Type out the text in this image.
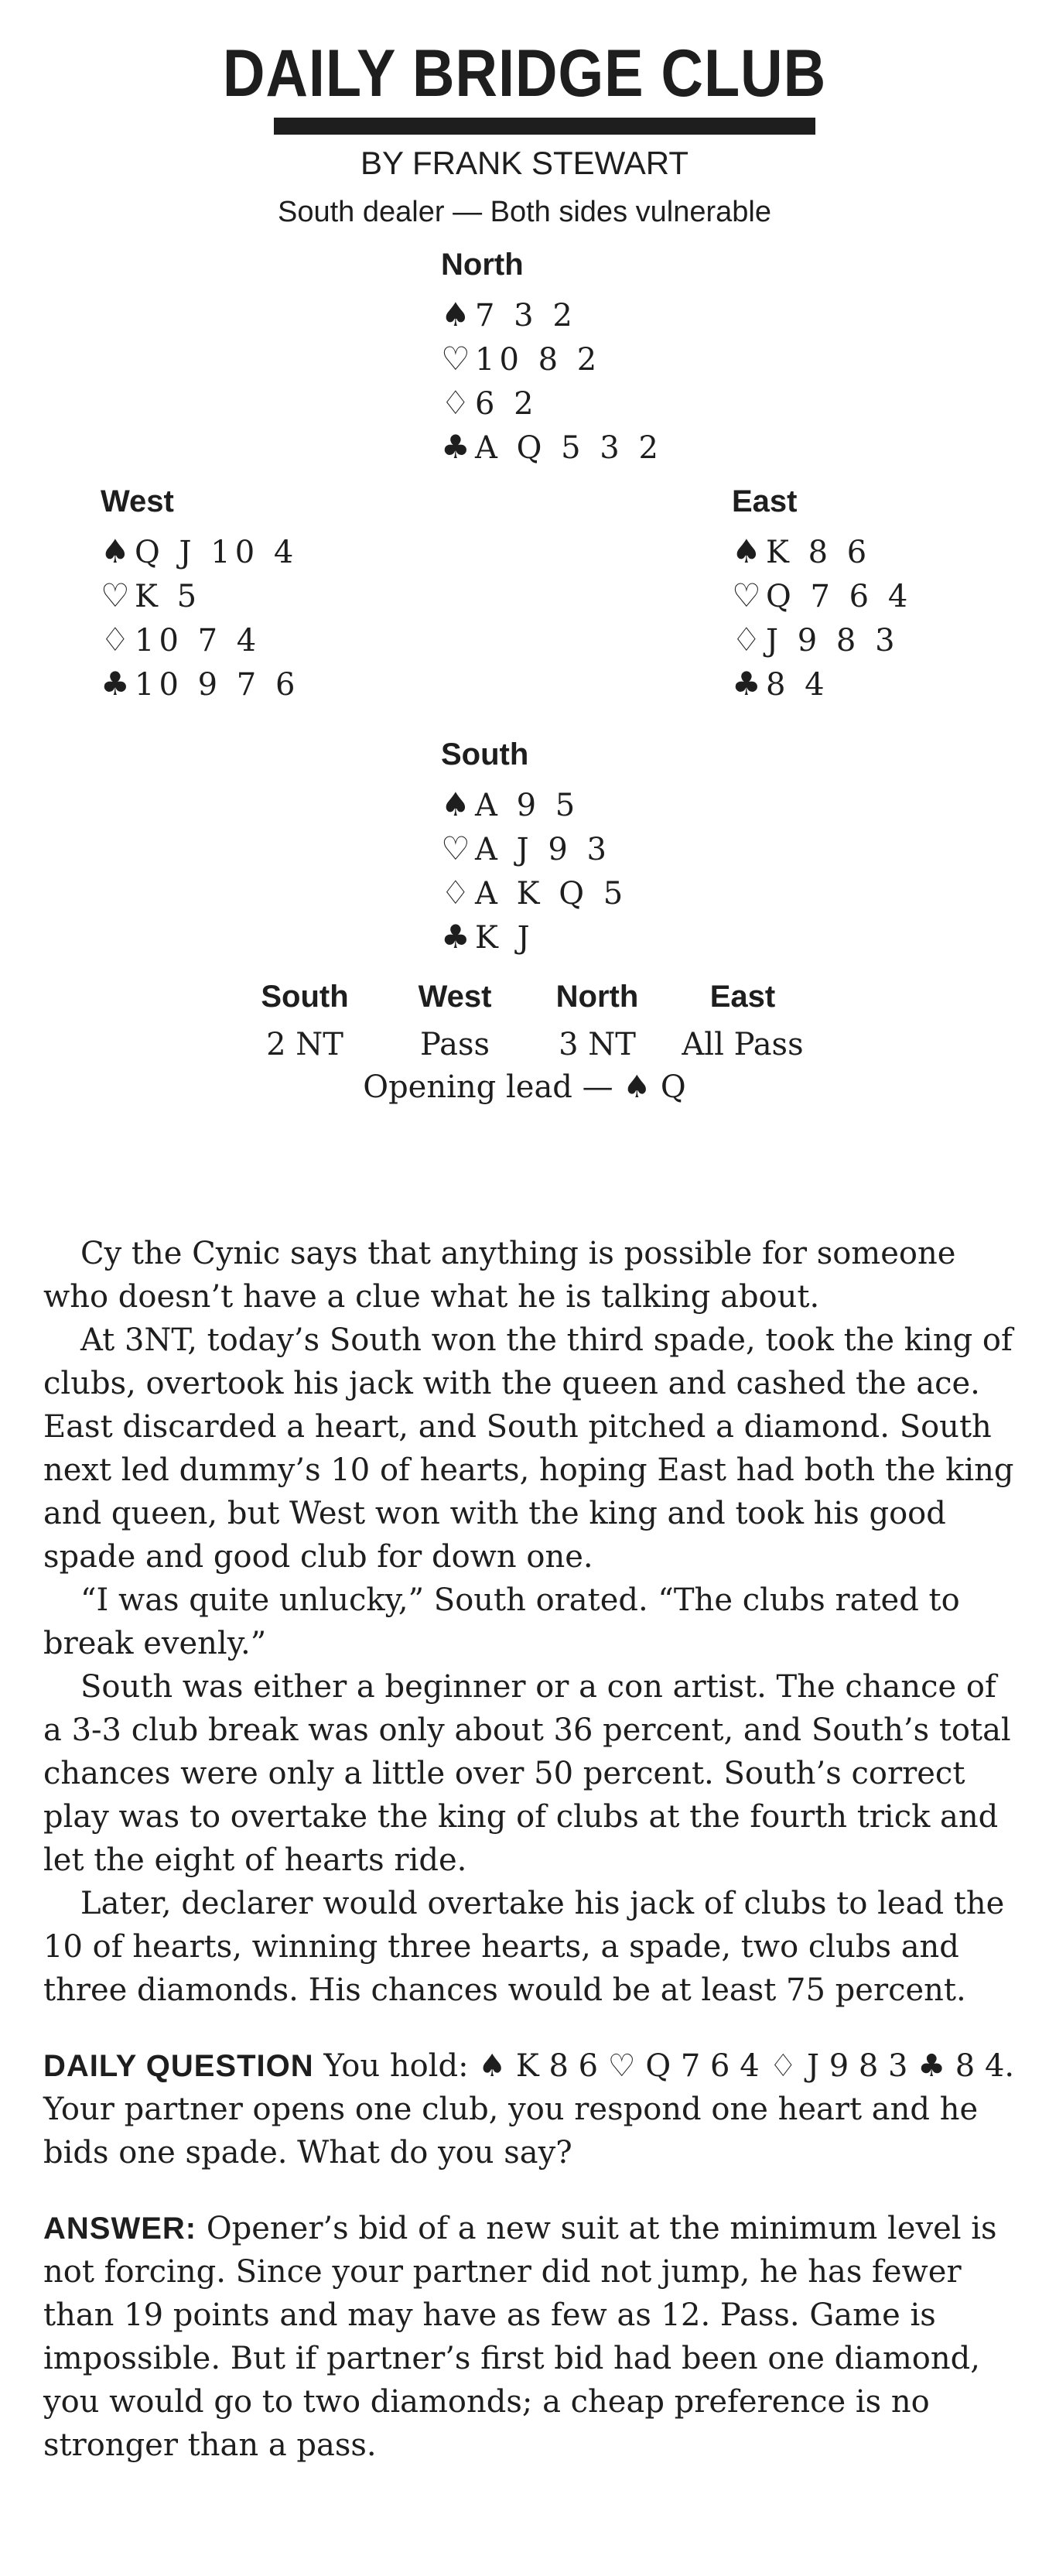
DAILY BRIDGE CLUB
BY FRANK STEWART
South dealer — Both sides vulnerable
North
♠ 7 3 2
♡ 10 8 2
♢ 6 2
♣ A Q 5 3 2
West
♠ Q J 10 4
♡ K 5
♢ 10 7 4
♣ 10 9 7 6
East
♠ K 8 6
♡ Q 7 6 4
♢ J 9 8 3
♣ 8 4
South
♠ A 9 5
♡ A J 9 3
♢ A K Q 5
♣ K J
South
2 NT
West
Pass
North
3 NT
East
All Pass
Opening lead — ♠ Q

Cy the Cynic says that anything is possible for someone who doesn’t have a clue what he is talking about.

At 3NT, today’s South won the third spade, took the king of clubs, overtook his jack with the queen and cashed the ace. East discarded a heart, and South pitched a diamond. South next led dummy’s 10 of hearts, hoping East had both the king and queen, but West won with the king and took his good spade and good club for down one.

“I was quite unlucky,” South orated. “The clubs rated to break evenly.”

South was either a beginner or a con artist. The chance of a 3-3 club break was only about 36 percent, and South’s total chances were only a little over 50 percent. South’s correct play was to overtake the king of clubs at the fourth trick and let the eight of hearts ride.

Later, declarer would overtake his jack of clubs to lead the 10 of hearts, winning three hearts, a spade, two clubs and three diamonds. His chances would be at least 75 percent.

DAILY QUESTION You hold: ♠ K 8 6 ♡ Q 7 6 4 ♢ J 9 8 3 ♣ 8 4. Your partner opens one club, you respond one heart and he bids one spade. What do you say?

ANSWER: Opener’s bid of a new suit at the minimum level is not forcing. Since your partner did not jump, he has fewer than 19 points and may have as few as 12. Pass. Game is impossible. But if partner’s first bid had been one diamond, you would go to two diamonds; a cheap preference is no stronger than a pass.
